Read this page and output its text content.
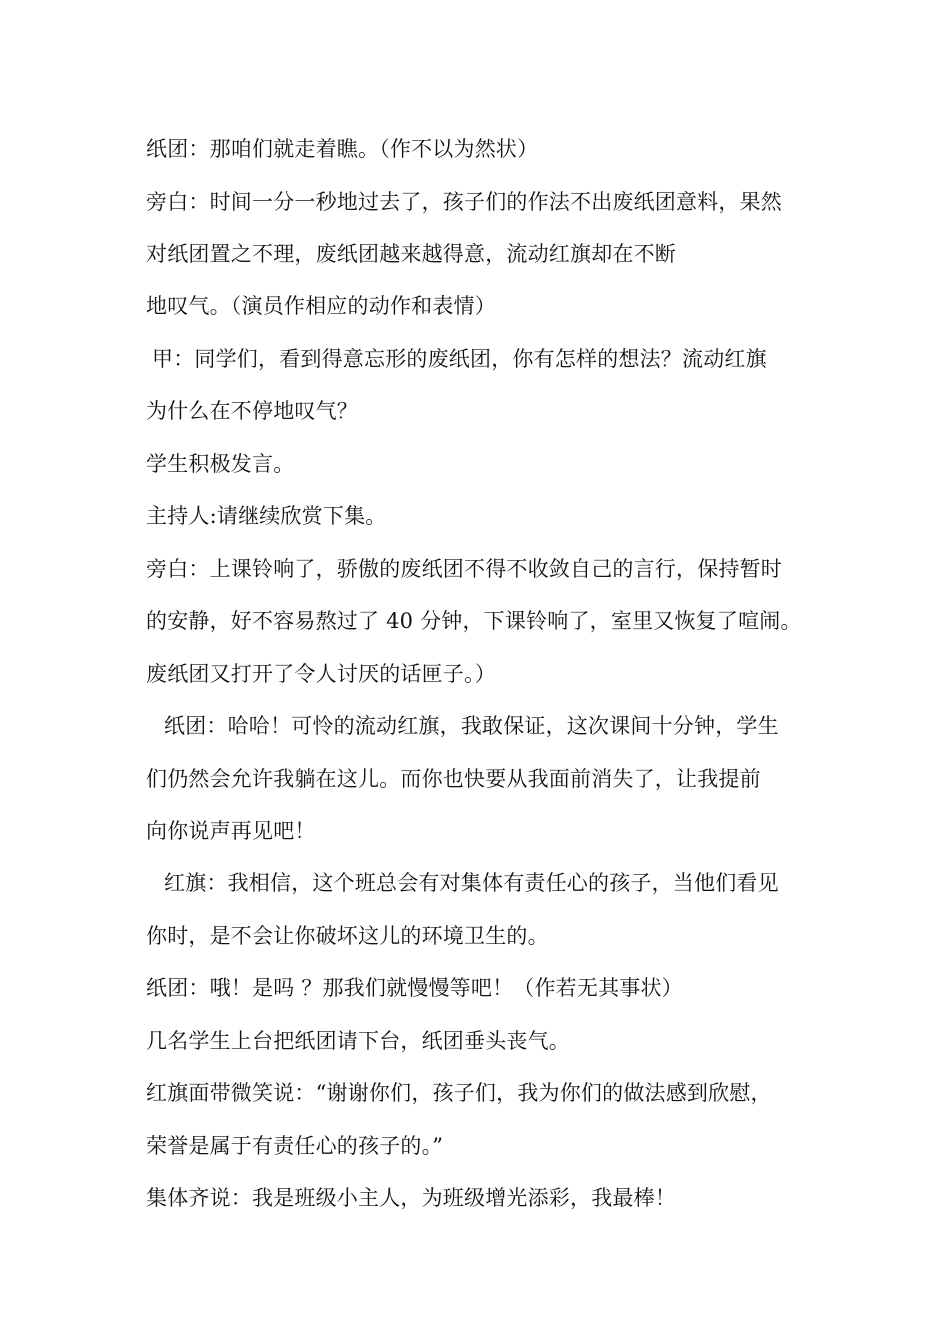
纸团：那咱们就走着瞧。（作不以为然状）
旁白：时间一分一秒地过去了，孩子们的作法不出废纸团意料，果然
对纸团置之不理，废纸团越来越得意，流动红旗却在不断
地叹气。（演员作相应的动作和表情）
甲：同学们，看到得意忘形的废纸团，你有怎样的想法？流动红旗
为什么在不停地叹气？
学生积极发言。
主持人:请继续欣赏下集。
旁白：上课铃响了，骄傲的废纸团不得不收敛自己的言行，保持暂时
的安静，好不容易熬过了 40 分钟，下课铃响了，室里又恢复了喧闹。
废纸团又打开了令人讨厌的话匣子。）
纸团：哈哈！可怜的流动红旗，我敢保证，这次课间十分钟，学生
们仍然会允许我躺在这儿。而你也快要从我面前消失了，让我提前
向你说声再见吧！
红旗：我相信，这个班总会有对集体有责任心的孩子，当他们看见
你时，是不会让你破坏这儿的环境卫生的。
纸团：哦！是吗 ？那我们就慢慢等吧！（作若无其事状）
几名学生上台把纸团请下台，纸团垂头丧气。
红旗面带微笑说：“谢谢你们，孩子们，我为你们的做法感到欣慰，
荣誉是属于有责任心的孩子的。”
集体齐说：我是班级小主人，为班级增光添彩，我最棒！
